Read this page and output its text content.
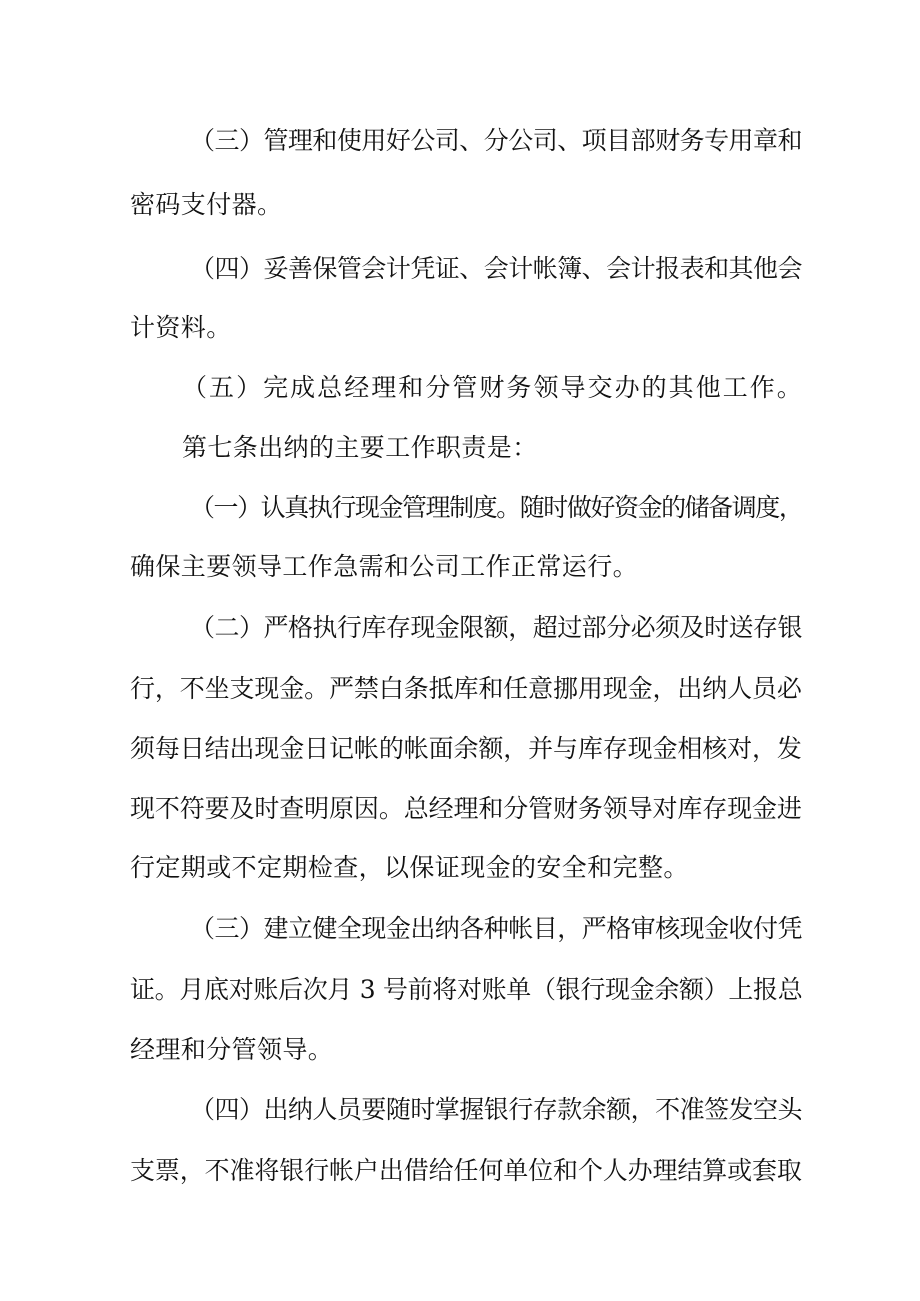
（三）管理和使用好公司、分公司、项目部财务专用章和
密码支付器。
（四）妥善保管会计凭证、会计帐簿、会计报表和其他会
计资料。
（五）完成总经理和分管财务领导交办的其他工作。
第七条出纳的主要工作职责是：
（一）认真执行现金管理制度。随时做好资金的储备调度，
确保主要领导工作急需和公司工作正常运行。
（二）严格执行库存现金限额，超过部分必须及时送存银
行，不坐支现金。严禁白条抵库和任意挪用现金，出纳人员必
须每日结出现金日记帐的帐面余额，并与库存现金相核对，发
现不符要及时查明原因。总经理和分管财务领导对库存现金进
行定期或不定期检查，以保证现金的安全和完整。
（三）建立健全现金出纳各种帐目，严格审核现金收付凭
证。月底对账后次月 3 号前将对账单（银行现金余额）上报总
经理和分管领导。
（四）出纳人员要随时掌握银行存款余额，不准签发空头
支票，不准将银行帐户出借给任何单位和个人办理结算或套取
